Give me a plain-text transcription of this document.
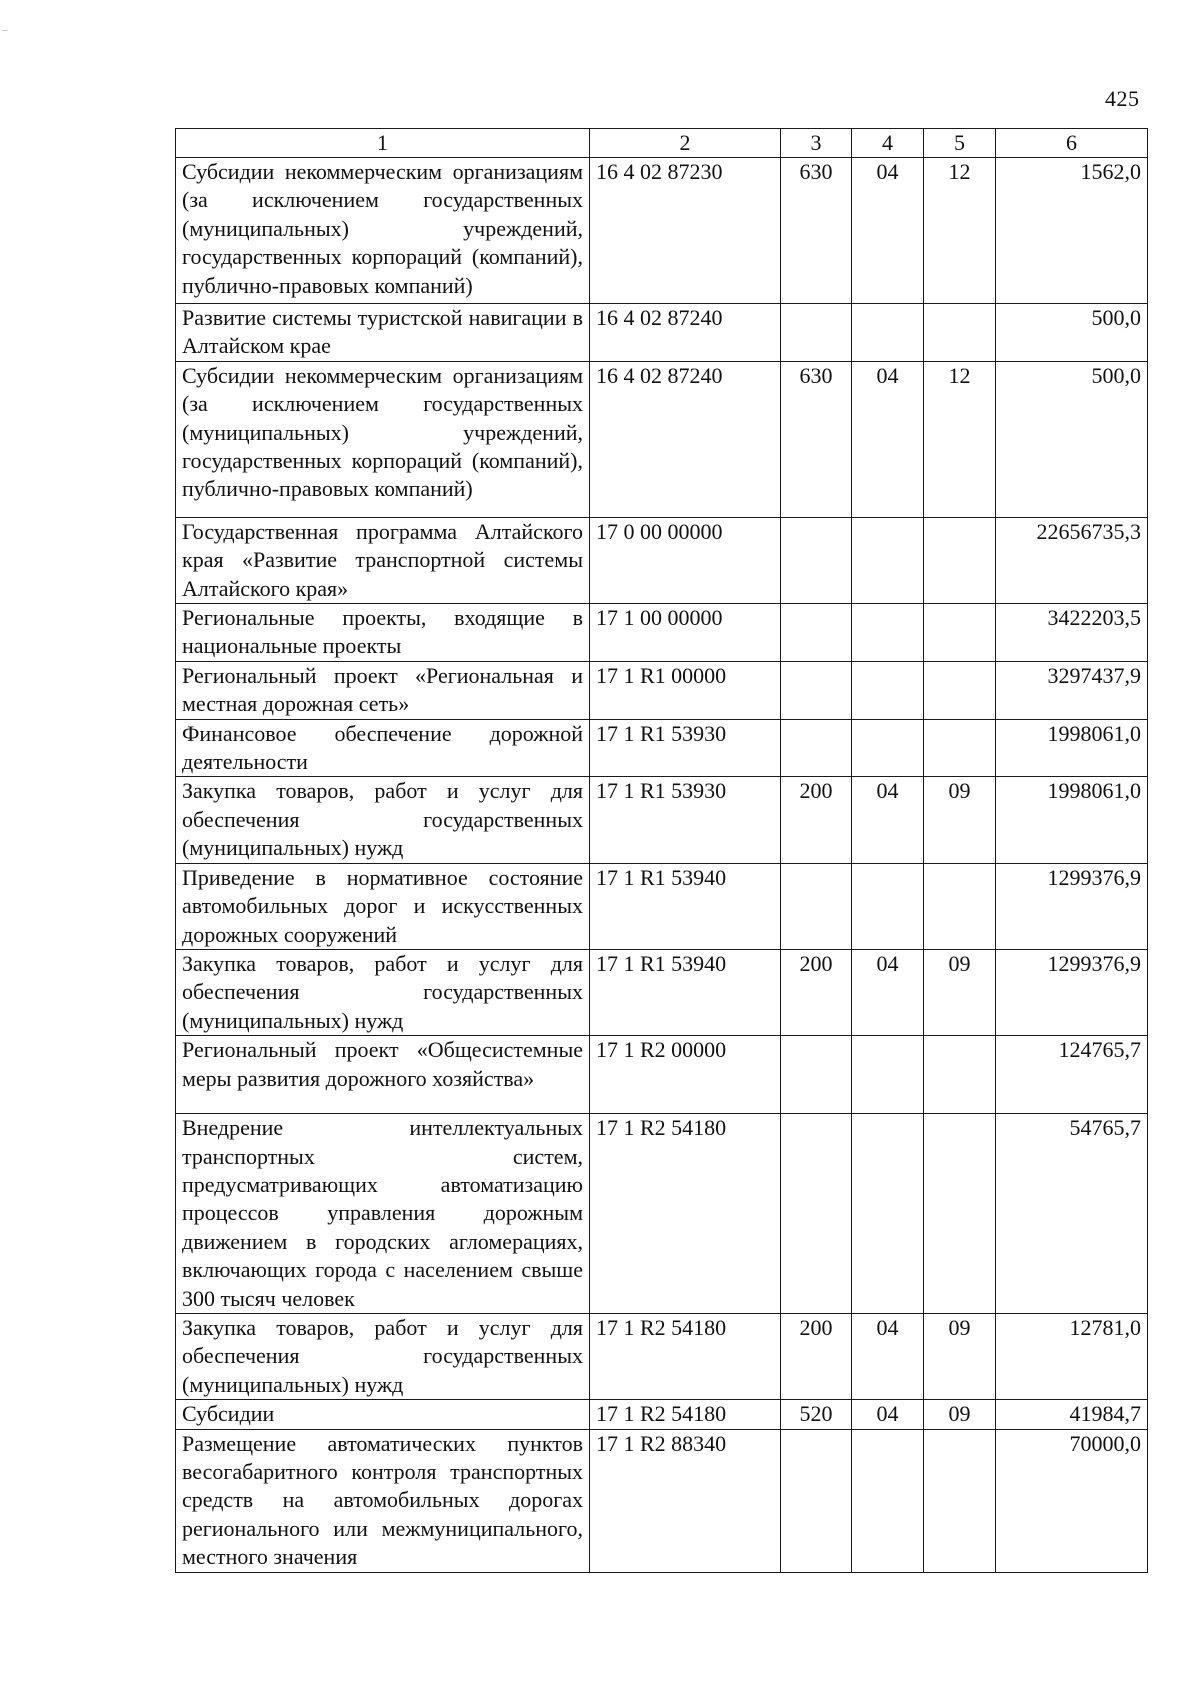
425
1	2	3	4	5	6
Субсидии некоммерческим организациям (за исключением государственных (муниципальных) учреждений, государственных корпораций (компаний), публично-правовых компаний)	16 4 02 87230	630	04	12	1562,0
Развитие системы туристской навигации в Алтайском крае	16 4 02 87240				500,0
Субсидии некоммерческим организациям (за исключением государственных (муниципальных) учреждений, государственных корпораций (компаний), публично-правовых компаний)	16 4 02 87240	630	04	12	500,0
Государственная программа Алтайского края «Развитие транспортной системы Алтайского края»	17 0 00 00000				22656735,3
Региональные проекты, входящие в национальные проекты	17 1 00 00000				3422203,5
Региональный проект «Региональная и местная дорожная сеть»	17 1 R1 00000				3297437,9
Финансовое обеспечение дорожной деятельности	17 1 R1 53930				1998061,0
Закупка товаров, работ и услуг для обеспечения государственных (муниципальных) нужд	17 1 R1 53930	200	04	09	1998061,0
Приведение в нормативное состояние автомобильных дорог и искусственных дорожных сооружений	17 1 R1 53940				1299376,9
Закупка товаров, работ и услуг для обеспечения государственных (муниципальных) нужд	17 1 R1 53940	200	04	09	1299376,9
Региональный проект «Общесистемные меры развития дорожного хозяйства»	17 1 R2 00000				124765,7
Внедрение интеллектуальных транспортных систем, предусматривающих автоматизацию процессов управления дорожным движением в городских агломерациях, включающих города с населением свыше 300 тысяч человек	17 1 R2 54180				54765,7
Закупка товаров, работ и услуг для обеспечения государственных (муниципальных) нужд	17 1 R2 54180	200	04	09	12781,0
Субсидии	17 1 R2 54180	520	04	09	41984,7
Размещение автоматических пунктов весогабаритного контроля транспортных средств на автомобильных дорогах регионального или межмуниципального, местного значения	17 1 R2 88340				70000,0
